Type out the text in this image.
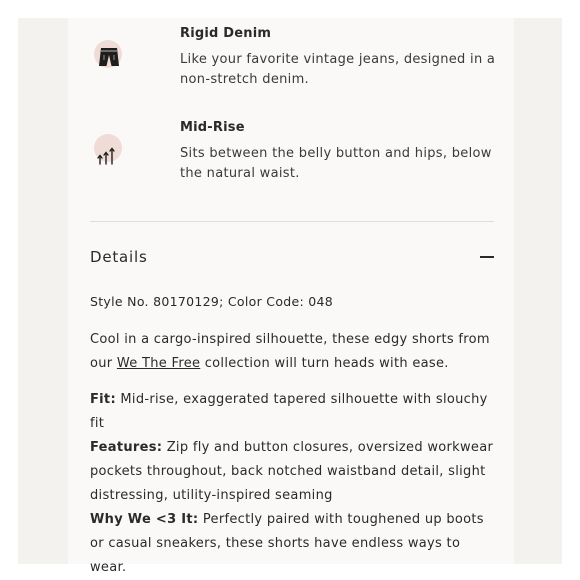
Rigid Denim
Like your favorite vintage jeans, designed in a non-stretch denim.
Mid-Rise
Sits between the belly button and hips, below the natural waist.
Details
Style No. 80170129; Color Code: 048
Cool in a cargo-inspired silhouette, these edgy shorts from our We The Free collection will turn heads with ease.
Fit: Mid-rise, exaggerated tapered silhouette with slouchy fit
Features: Zip fly and button closures, oversized workwear pockets throughout, back notched waistband detail, slight distressing, utility-inspired seaming
Why We <3 It: Perfectly paired with toughened up boots or casual sneakers, these shorts have endless ways to wear.
